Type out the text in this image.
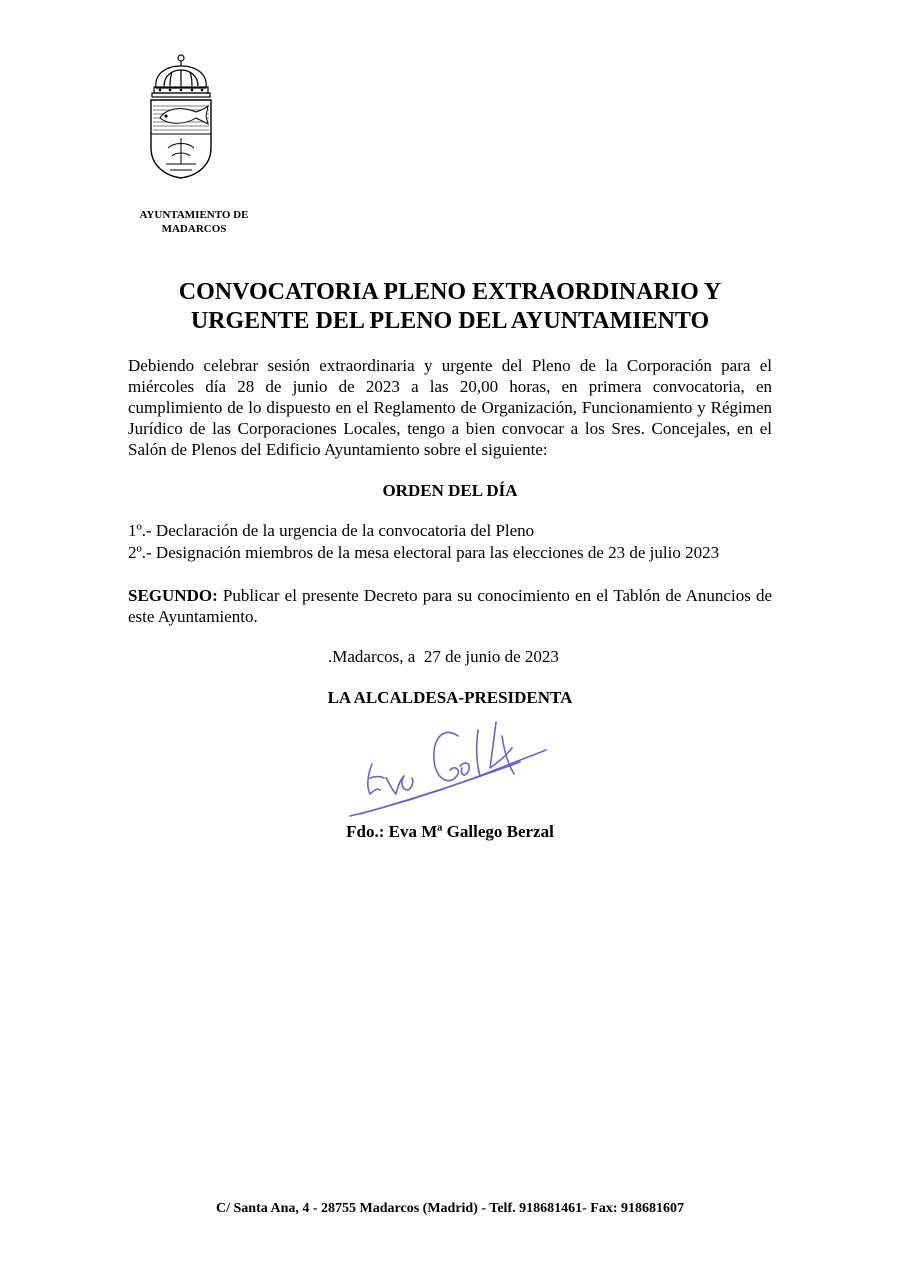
AYUNTAMIENTO DE
MADARCOS
CONVOCATORIA PLENO EXTRAORDINARIO Y
URGENTE DEL PLENO DEL AYUNTAMIENTO
Debiendo celebrar sesión extraordinaria y urgente del Pleno de la Corporación para el miércoles día 28 de junio de 2023 a las 20,00 horas, en primera convocatoria, en cumplimiento de lo dispuesto en el Reglamento de Organización, Funcionamiento y Régimen Jurídico de las Corporaciones Locales, tengo a bien convocar a los Sres. Concejales, en el Salón de Plenos del Edificio Ayuntamiento sobre el siguiente:
ORDEN DEL DÍA
1º.- Declaración de la urgencia de la convocatoria del Pleno
2º.- Designación miembros de la mesa electoral para las elecciones de 23 de julio 2023
SEGUNDO: Publicar el presente Decreto para su conocimiento en el Tablón de Anuncios de este Ayuntamiento.
.Madarcos, a  27 de junio de 2023
LA ALCALDESA-PRESIDENTA
Fdo.: Eva Mª Gallego Berzal
C/ Santa Ana, 4 - 28755 Madarcos (Madrid) - Telf. 918681461- Fax: 918681607
